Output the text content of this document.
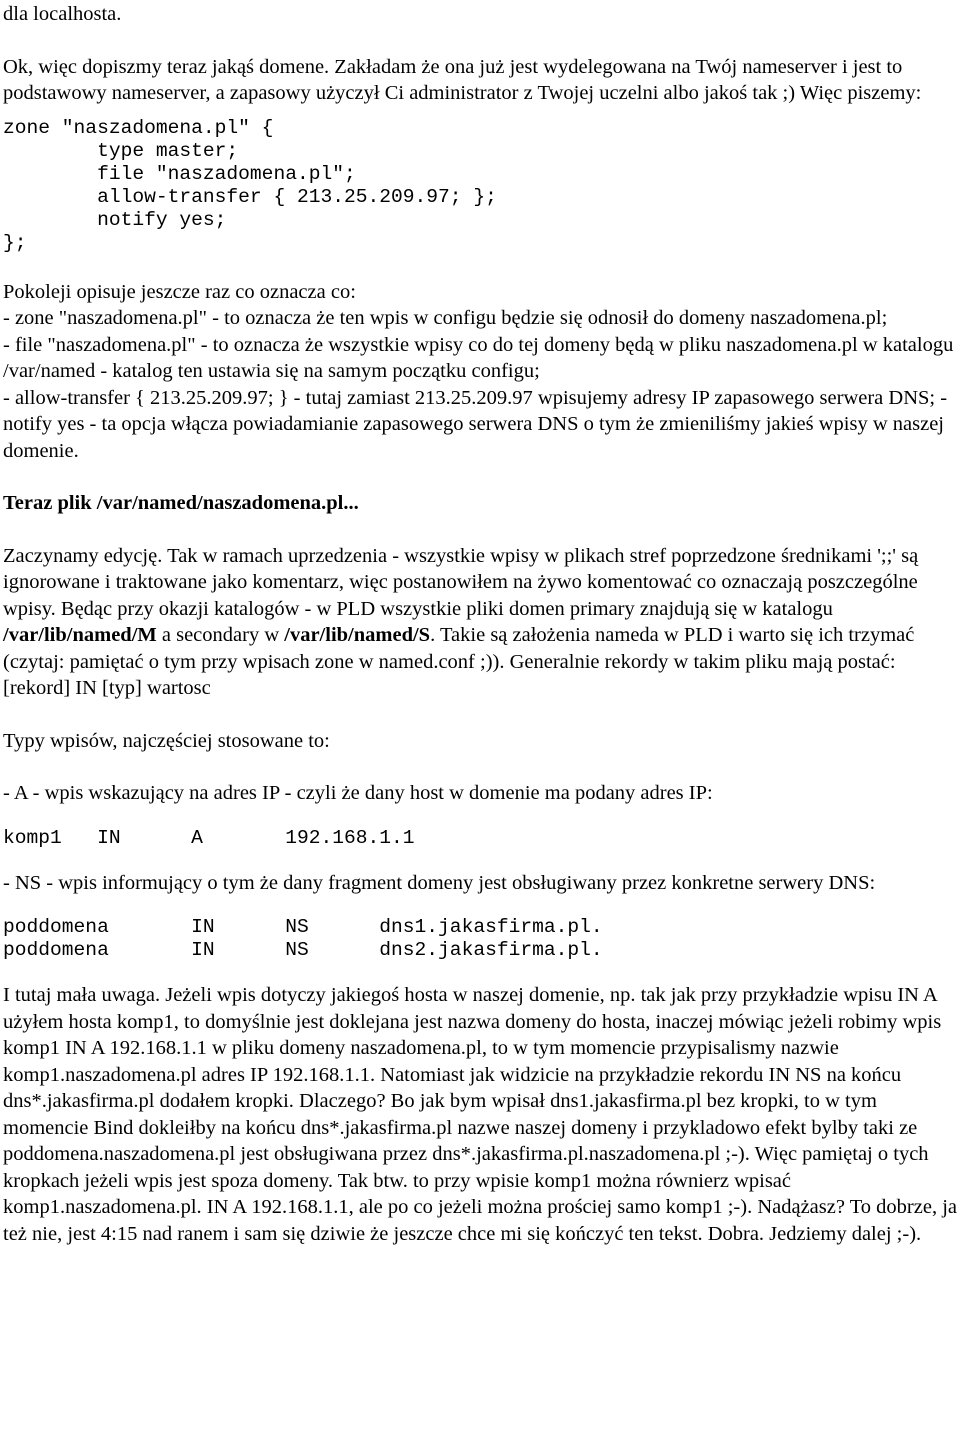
dla localhosta.

Ok, więc dopiszmy teraz jakąś domene. Zakładam że ona już jest wydelegowana na Twój nameserver i jest to podstawowy nameserver, a zapasowy użyczył Ci administrator z Twojej uczelni albo jakoś tak ;) Więc piszemy:

zone "naszadomena.pl" {
type master;
file "naszadomena.pl";
allow-transfer { 213.25.209.97; };
notify yes;
};

Pokoleji opisuje jeszcze raz co oznacza co:

- zone "naszadomena.pl" - to oznacza że ten wpis w configu będzie się odnosił do domeny naszadomena.pl;

- file "naszadomena.pl" - to oznacza że wszystkie wpisy co do tej domeny będą w pliku naszadomena.pl w katalogu /var/named - katalog ten ustawia się na samym początku configu;

- allow-transfer { 213.25.209.97; } - tutaj zamiast 213.25.209.97 wpisujemy adresy IP zapasowego serwera DNS; - notify yes - ta opcja włącza powiadamianie zapasowego serwera DNS o tym że zmieniliśmy jakieś wpisy w naszej domenie.

Teraz plik /var/named/naszadomena.pl...

Zaczynamy edycję. Tak w ramach uprzedzenia - wszystkie wpisy w plikach stref poprzedzone średnikami ';;' są ignorowane i traktowane jako komentarz, więc postanowiłem na żywo komentować co oznaczają poszczególne wpisy. Będąc przy okazji katalogów - w PLD wszystkie pliki domen primary znajdują się w katalogu /var/lib/named/M a secondary w /var/lib/named/S. Takie są założenia nameda w PLD i warto się ich trzymać (czytaj: pamiętać o tym przy wpisach zone w named.conf ;)). Generalnie rekordy w takim pliku mają postać: [rekord] IN [typ] wartosc

Typy wpisów, najczęściej stosowane to:

- A - wpis wskazujący na adres IP - czyli że dany host w domenie ma podany adres IP:

komp1   IN      A       192.168.1.1

- NS - wpis informujący o tym że dany fragment domeny jest obsługiwany przez konkretne serwery DNS:

poddomena       IN      NS      dns1.jakasfirma.pl.
poddomena       IN      NS      dns2.jakasfirma.pl.

I tutaj mała uwaga. Jeżeli wpis dotyczy jakiegoś hosta w naszej domenie, np. tak jak przy przykładzie wpisu IN A użyłem hosta komp1, to domyślnie jest doklejana jest nazwa domeny do hosta, inaczej mówiąc jeżeli robimy wpis komp1 IN A 192.168.1.1 w pliku domeny naszadomena.pl, to w tym momencie przypisalismy nazwie komp1.naszadomena.pl adres IP 192.168.1.1. Natomiast jak widzicie na przykładzie rekordu IN NS na końcu dns*.jakasfirma.pl dodałem kropki. Dlaczego? Bo jak bym wpisał dns1.jakasfirma.pl bez kropki, to w tym momencie Bind dokleiłby na końcu dns*.jakasfirma.pl nazwe naszej domeny i przykladowo efekt bylby taki ze poddomena.naszadomena.pl jest obsługiwana przez dns*.jakasfirma.pl.naszadomena.pl ;-). Więc pamiętaj o tych kropkach jeżeli wpis jest spoza domeny. Tak btw. to przy wpisie komp1 można równierz wpisać komp1.naszadomena.pl. IN A 192.168.1.1, ale po co jeżeli można prościej samo komp1 ;-). Nadążasz? To dobrze, ja też nie, jest 4:15 nad ranem i sam się dziwie że jeszcze chce mi się kończyć ten tekst. Dobra. Jedziemy dalej ;-).
